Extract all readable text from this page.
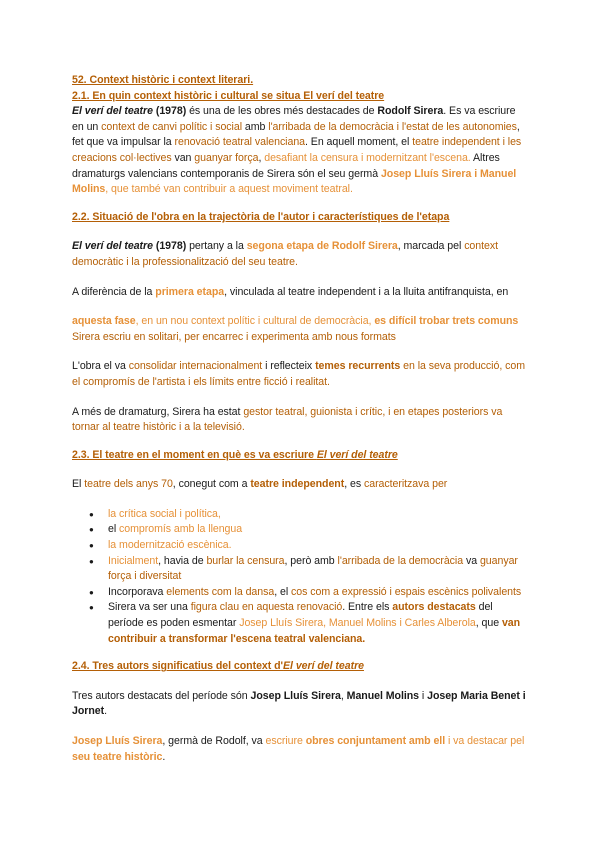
52. Context històric i context literari.

2.1. En quin context històric i cultural se situa El verí del teatre

El verí del teatre (1978) és una de les obres més destacades de Rodolf Sirera. Es va escriure en un context de canvi polític i social amb l'arribada de la democràcia i l'estat de les autonomies, fet que va impulsar la renovació teatral valenciana. En aquell moment, el teatre independent i les creacions col·lectives van guanyar força, desafiant la censura i modernitzant l'escena. Altres dramaturgs valencians contemporanis de Sirera són el seu germà Josep Lluís Sirera i Manuel Molins, que també van contribuir a aquest moviment teatral.

2.2. Situació de l'obra en la trajectòria de l'autor i característiques de l'etapa

El verí del teatre (1978) pertany a la segona etapa de Rodolf Sirera, marcada pel context democràtic i la professionalització del seu teatre.

A diferència de la primera etapa, vinculada al teatre independent i a la lluita antifranquista, en

aquesta fase, en un nou context polític i cultural de democràcia, es difícil trobar trets comuns Sirera escriu en solitari, per encarrec i experimenta amb nous formats

L'obra el va consolidar internacionalment i reflecteix temes recurrents en la seva producció, com el compromís de l'artista i els límits entre ficció i realitat.

A més de dramaturg, Sirera ha estat gestor teatral, guionista i crític, i en etapes posteriors va tornar al teatre històric i a la televisió.

2.3. El teatre en el moment en què es va escriure El verí del teatre

El teatre dels anys 70, conegut com a teatre independent, es caracteritzava per

● la crítica social i política,
● el compromís amb la llengua
● la modernització escènica.
● Inicialment, havia de burlar la censura, però amb l'arribada de la democràcia va guanyar força i diversitat
● Incorporava elements com la dansa, el cos com a expressió i espais escènics polivalents
● Sirera va ser una figura clau en aquesta renovació. Entre els autors destacats del període es poden esmentar Josep Lluís Sirera, Manuel Molins i Carles Alberola, que van contribuir a transformar l'escena teatral valenciana.

2.4. Tres autors significatius del context d'El verí del teatre

Tres autors destacats del període són Josep Lluís Sirera, Manuel Molins i Josep Maria Benet i Jornet.

Josep Lluís Sirera, germà de Rodolf, va escriure obres conjuntament amb ell i va destacar pel seu teatre històric.
